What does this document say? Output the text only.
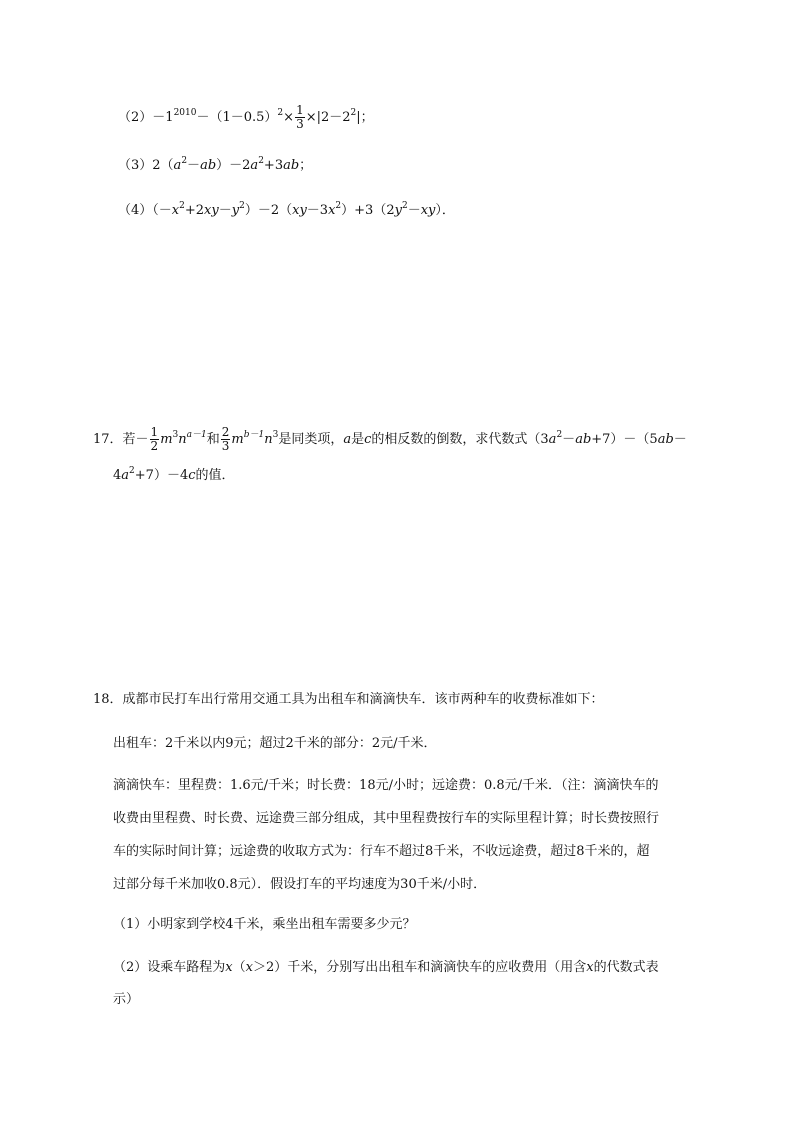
$(2)-1^{2010}-(1-0.5)^2\times \frac{1}{3} \times|2-2^2|$；
$(3)2(a^2-ab)-2a^2+3ab$；
$(4)(-x^2+2xy-y^2)-2(xy-3x^2)+3(2y^2-xy)$．
17．若－ $\frac{1}{2} m^3n^{a-1}$和 $\frac{2}{3} m^{b-1}n^3$是同类项，a是c的相反数的倒数，求代数式$(3a^2-ab+7)-(5ab-$
$4a^2+7)-4c$的值．
18．成都市民打车出行常用交通工具为出租车和滴滴快车．该市两种车的收费标准如下：
出租车：2千米以内9元；超过2千米的部分：2元/千米．
滴滴快车：里程费：1.6元/千米；时长费：18元/小时；远途费：0.8元/千米．（注：滴滴快车的
收费由里程费、时长费、远途费三部分组成，其中里程费按行车的实际里程计算；时长费按照行
车的实际时间计算；远途费的收取方式为：行车不超过8千米，不收远途费，超过8千米的，超
过部分每千米加收0.8元）．假设打车的平均速度为30千米/小时．
（1）小明家到学校4千米，乘坐出租车需要多少元？
（2）设乘车路程为x（x＞2）千米，分别写出出租车和滴滴快车的应收费用（用含x的代数式表
示）
